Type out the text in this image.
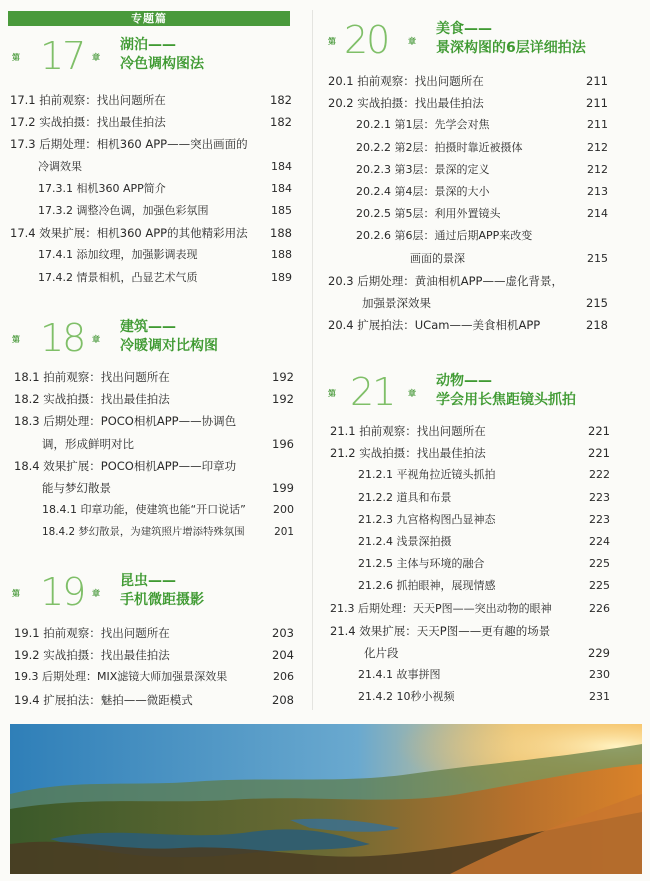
专题篇
第 17 章
湖泊——
冷色调构图法
17.1 拍前观察：找出问题所在	182
17.2 实战拍摄：找出最佳拍法	182
17.3 后期处理：相机360 APP——突出画面的
冷调效果	184
17.3.1 相机360 APP简介	184
17.3.2 调整冷色调，加强色彩氛围	185
17.4 效果扩展：相机360 APP的其他精彩用法 188
17.4.1 添加纹理，加强影调表现	188
17.4.2 情景相机，凸显艺术气质	189
第 18 章
建筑——
冷暖调对比构图
18.1 拍前观察：找出问题所在	192
18.2 实战拍摄：找出最佳拍法	192
18.3 后期处理：POCO相机APP——协调色
调，形成鲜明对比	196
18.4 效果扩展：POCO相机APP——印章功
能与梦幻散景	199
18.4.1 印章功能，使建筑也能“开口说话” 200
18.4.2 梦幻散景，为建筑照片增添特殊氛围	201
第 19 章
昆虫——
手机微距摄影
19.1 拍前观察：找出问题所在	203
19.2 实战拍摄：找出最佳拍法	204
19.3 后期处理：MIX滤镜大师加强景深效果	206
19.4 扩展拍法：魅拍——微距模式	208
第 20 章
美食——
景深构图的6层详细拍法
20.1 拍前观察：找出问题所在	211
20.2 实战拍摄：找出最佳拍法	211
20.2.1 第1层：先学会对焦	211
20.2.2 第2层：拍摄时靠近被摄体	212
20.2.3 第3层：景深的定义	212
20.2.4 第4层：景深的大小	213
20.2.5 第5层：利用外置镜头	214
20.2.6 第6层：通过后期APP来改变
画面的景深	215
20.3 后期处理：黄油相机APP——虚化背景，
加强景深效果	215
20.4 扩展拍法：UCam——美食相机APP	218
第 21 章
动物——
学会用长焦距镜头抓拍
21.1 拍前观察：找出问题所在	221
21.2 实战拍摄：找出最佳拍法	221
21.2.1 平视角拉近镜头抓拍	222
21.2.2 道具和布景	223
21.2.3 九宫格构图凸显神态	223
21.2.4 浅景深拍摄	224
21.2.5 主体与环境的融合	225
21.2.6 抓拍眼神，展现情感	225
21.3 后期处理：天天P图——突出动物的眼神	226
21.4 效果扩展：天天P图——更有趣的场景
化片段	229
21.4.1 故事拼图	230
21.4.2 10秒小视频	231
